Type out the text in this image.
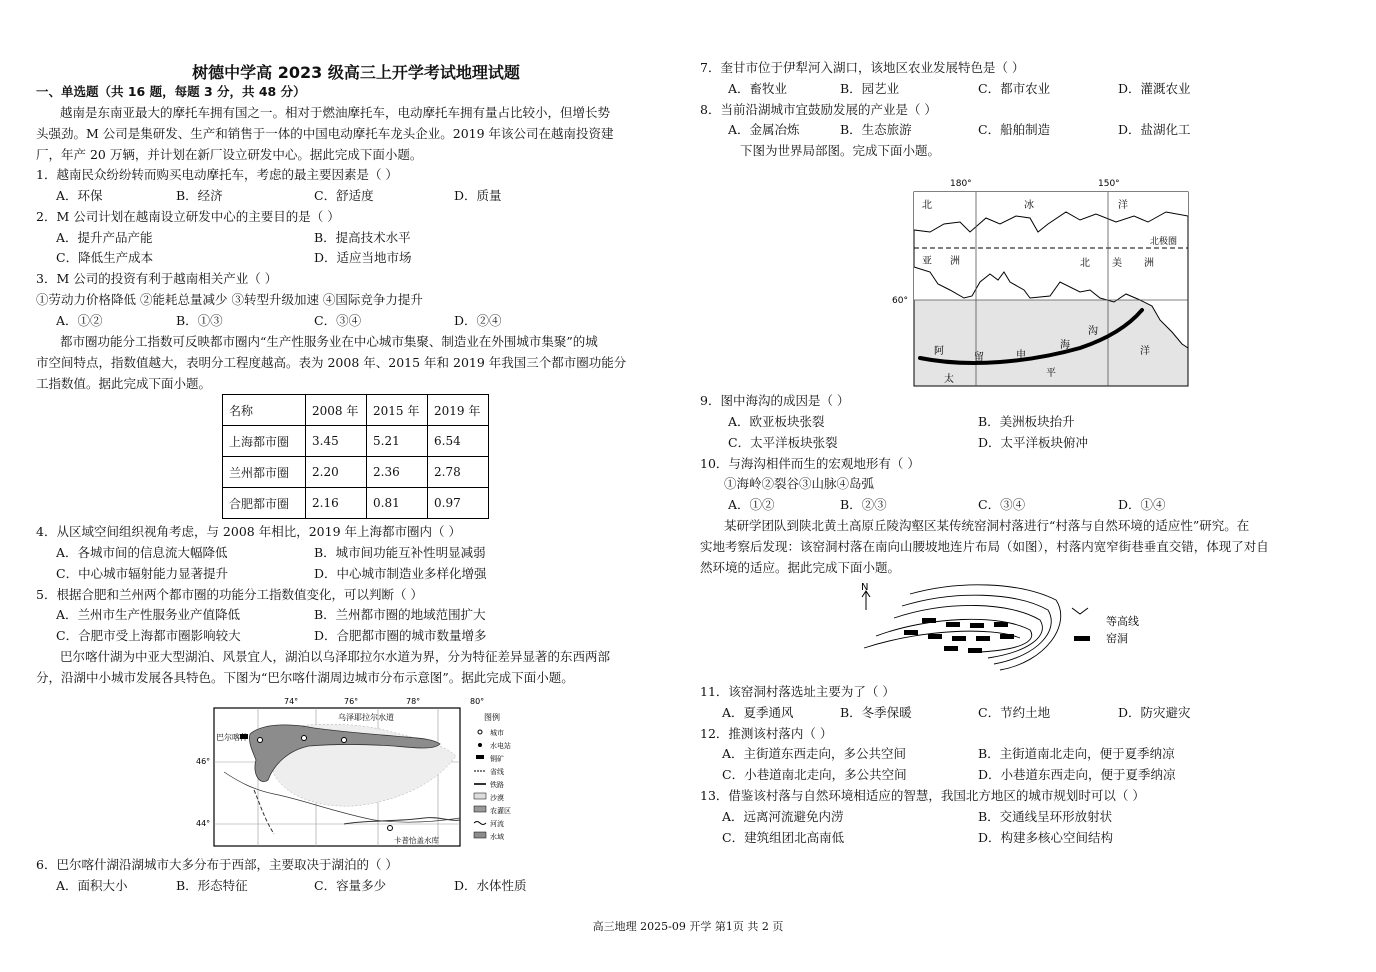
树德中学高 2023 级高三上开学考试地理试题
一、单选题（共 16 题，每题 3 分，共 48 分）
越南是东南亚最大的摩托车拥有国之一。相对于燃油摩托车，电动摩托车拥有量占比较小，但增长势
头强劲。M 公司是集研发、生产和销售于一体的中国电动摩托车龙头企业。2019 年该公司在越南投资建
厂，年产 20 万辆，并计划在新厂设立研发中心。据此完成下面小题。
1．越南民众纷纷转而购买电动摩托车，考虑的最主要因素是（ ）
A．环保	B．经济	C．舒适度	D．质量
2．M 公司计划在越南设立研发中心的主要目的是（ ）
A．提升产品产能	B．提高技术水平
C．降低生产成本	D．适应当地市场
3．M 公司的投资有利于越南相关产业（ ）
①劳动力价格降低 ②能耗总量减少 ③转型升级加速 ④国际竞争力提升
A．①②	B．①③	C．③④	D．②④
都市圈功能分工指数可反映都市圈内“生产性服务业在中心城市集聚、制造业在外围城市集聚”的城
市空间特点，指数值越大，表明分工程度越高。表为 2008 年、2015 年和 2019 年我国三个都市圈功能分
工指数值。据此完成下面小题。
名称	2008 年	2015 年	2019 年
上海都市圈	3.45	5.21	6.54
兰州都市圈	2.20	2.36	2.78
合肥都市圈	2.16	0.81	0.97
4．从区域空间组织视角考虑，与 2008 年相比，2019 年上海都市圈内（ ）
A．各城市间的信息流大幅降低	B．城市间功能互补性明显减弱
C．中心城市辐射能力显著提升	D．中心城市制造业多样化增强
5．根据合肥和兰州两个都市圈的功能分工指数值变化，可以判断（ ）
A．兰州市生产性服务业产值降低	B．兰州都市圈的地域范围扩大
C．合肥市受上海都市圈影响较大	D．合肥都市圈的城市数量增多
巴尔喀什湖为中亚大型湖泊、风景宜人，湖泊以乌泽耶拉尔水道为界，分为特征差异显著的东西两部
分，沿湖中小城市发展各具特色。下图为“巴尔喀什湖周边城市分布示意图”。据此完成下面小题。
74°	76°	78°	80°
46°
44°
乌泽耶拉尔水道
巴尔喀什
卡普恰盖水库
图例
城市
水电站
铜矿
省线
铁路
沙漠
农灌区
河流
水域
6．巴尔喀什湖沿湖城市大多分布于西部，主要取决于湖泊的（ ）
A．面积大小	B．形态特征	C．容量多少	D．水体性质
7．奎甘市位于伊犁河入湖口，该地区农业发展特色是（ ）
A．畜牧业	B．园艺业	C．都市农业	D．灌溉农业
8．当前沿湖城市宜鼓励发展的产业是（ ）
A．金属冶炼	B．生态旅游	C．船舶制造	D．盐湖化工
下图为世界局部图。完成下面小题。
180°	150°
60°
北	冰	洋
北极圈
亚 洲	北 美 洲
阿
留	申
海
沟
太
平
洋
9．图中海沟的成因是（ ）
A．欧亚板块张裂	B．美洲板块抬升
C．太平洋板块张裂	D．太平洋板块俯冲
10．与海沟相伴而生的宏观地形有（ ）
①海岭②裂谷③山脉④岛弧
A．①②	B．②③	C．③④	D．①④
某研学团队到陕北黄土高原丘陵沟壑区某传统窑洞村落进行“村落与自然环境的适应性”研究。在
实地考察后发现：该窑洞村落在南向山腰坡地连片布局（如图），村落内宽窄街巷垂直交错，体现了对自
然环境的适应。据此完成下面小题。
N
等高线
窑洞
11．该窑洞村落选址主要为了（ ）
A．夏季通风	B．冬季保暖	C．节约土地	D．防灾避灾
12．推测该村落内（ ）
A．主街道东西走向，多公共空间	B．主街道南北走向，便于夏季纳凉
C．小巷道南北走向，多公共空间	D．小巷道东西走向，便于夏季纳凉
13．借鉴该村落与自然环境相适应的智慧，我国北方地区的城市规划时可以（ ）
A．远离河流避免内涝	B．交通线呈环形放射状
C．建筑组团北高南低	D．构建多核心空间结构
高三地理 2025-09 开学 第1页 共 2 页
